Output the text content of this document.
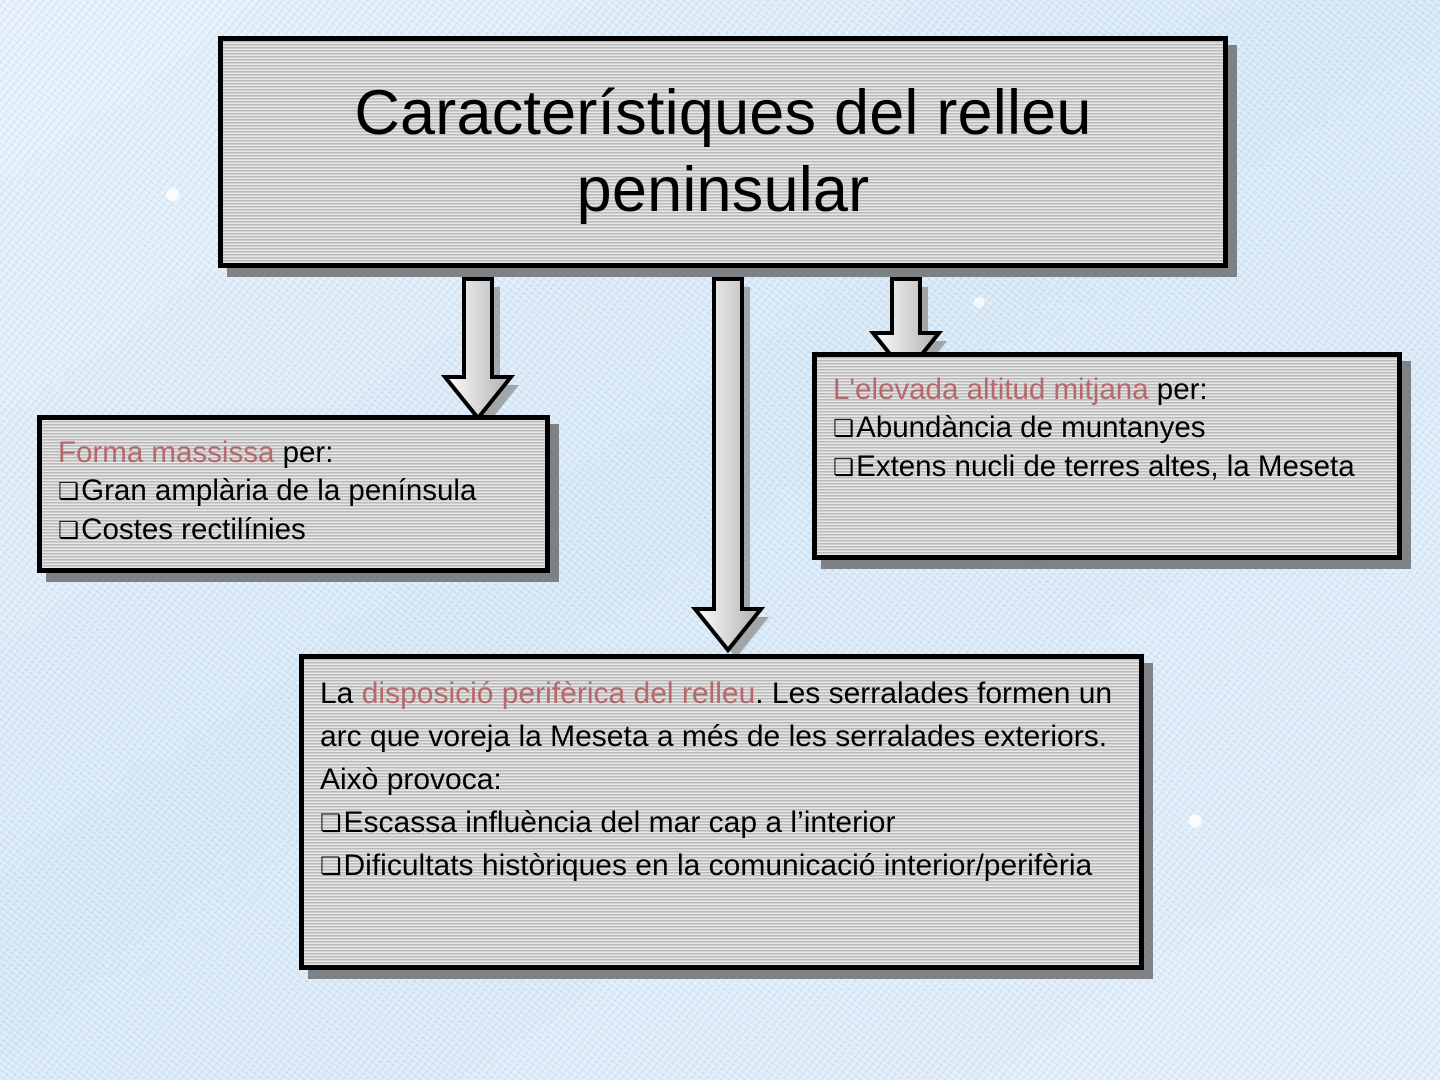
Característiques del relleu peninsular
Forma massissa per:
❏ Gran amplària de la península
❏ Costes rectilínies
L'elevada altitud mitjana per:
❏ Abundància de muntanyes
❏ Extens nucli de terres altes, la Meseta
La disposició perifèrica del relleu. Les serralades formen un arc que voreja la Meseta a més de les serralades exteriors. Això provoca:
❏ Escassa influència del mar cap a l’interior
❏ Dificultats històriques en la comunicació interior/perifèria
